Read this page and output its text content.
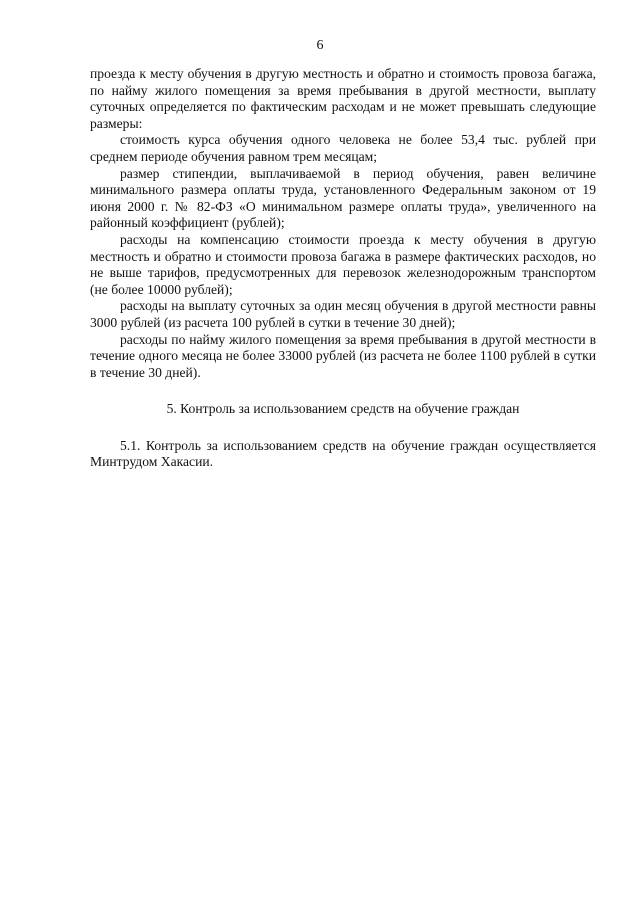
6

проезда к месту обучения в другую местность и обратно и стоимость провоза багажа, по найму жилого помещения за время пребывания в другой местности, выплату суточных определяется по фактическим расходам и не может превышать следующие размеры:

стоимость курса обучения одного человека не более 53,4 тыс. рублей при среднем периоде обучения равном трем месяцам;

размер стипендии, выплачиваемой в период обучения, равен величине минимального размера оплаты труда, установленного Федеральным законом от 19 июня 2000 г. № 82-ФЗ «О минимальном размере оплаты труда», увеличенного на районный коэффициент (рублей);

расходы на компенсацию стоимости проезда к месту обучения в другую местность и обратно и стоимости провоза багажа в размере фактических расходов, но не выше тарифов, предусмотренных для перевозок железнодорожным транспортом (не более 10000 рублей);

расходы на выплату суточных за один месяц обучения в другой местности равны 3000 рублей (из расчета 100 рублей в сутки в течение 30 дней);

расходы по найму жилого помещения за время пребывания в другой местности в течение одного месяца не более 33000 рублей (из расчета не более 1100 рублей в сутки в течение 30 дней).

5. Контроль за использованием средств на обучение граждан

5.1. Контроль за использованием средств на обучение граждан осуществляется Минтрудом Хакасии.
